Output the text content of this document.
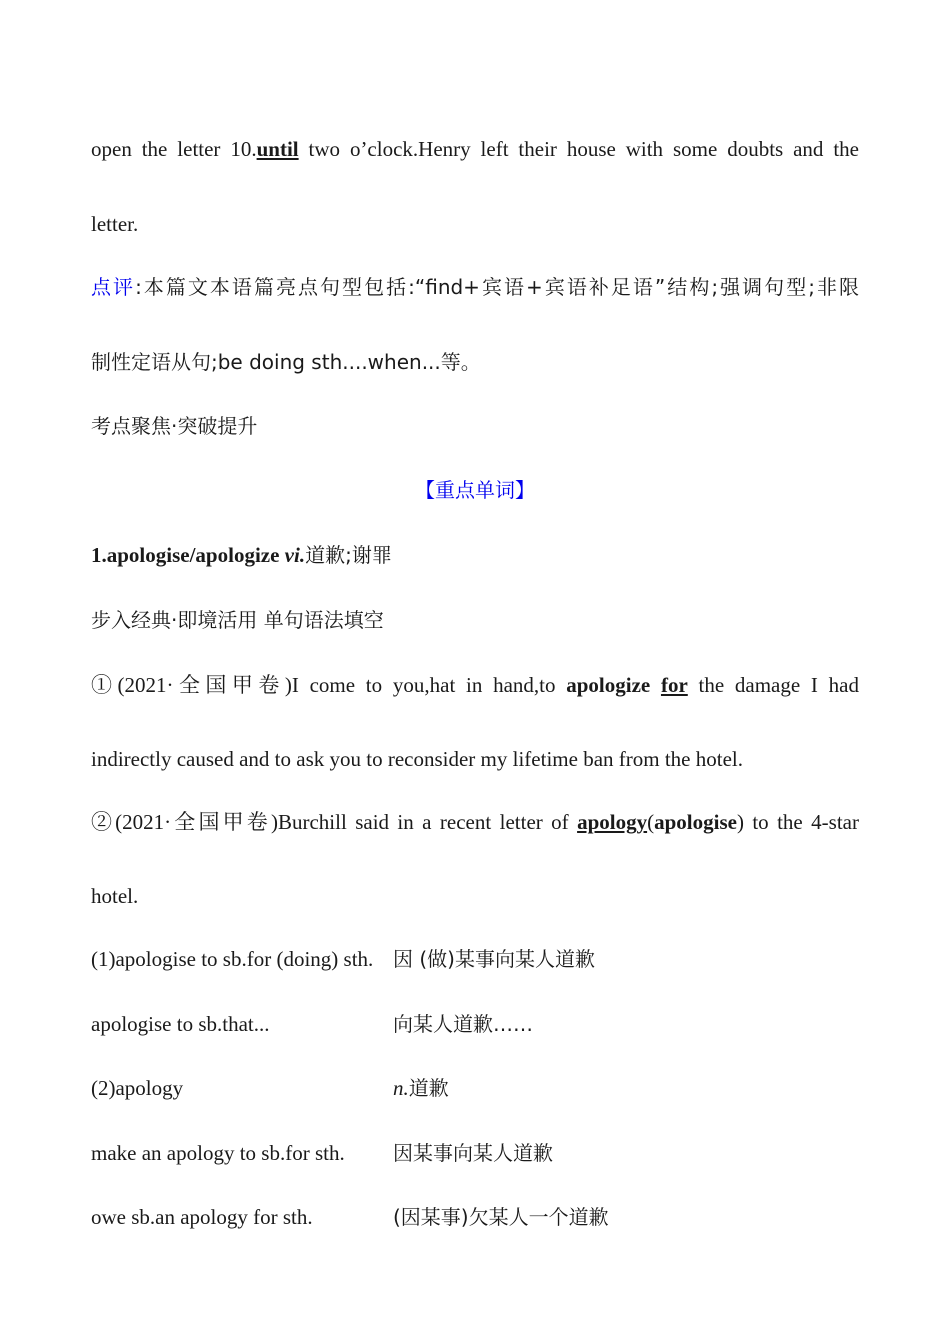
open the letter 10.until two o’clock.Henry left their house with some doubts and the
letter.
点评:本篇文本语篇亮点句型包括:“find+宾语+宾语补足语”结构;强调句型;非限
制性定语从句;be doing sth....when...等。
考点聚焦·突破提升
【重点单词】
1.apologise/apologize vi.道歉;谢罪
步入经典·即境活用 单句语法填空
①(2021·全国甲卷)I come to you,hat in hand,to apologize for the damage I had
indirectly caused and to ask you to reconsider my lifetime ban from the hotel.
②(2021·全国甲卷)Burchill said in a recent letter of apology(apologise) to the 4-star
hotel.
(1)apologise to sb.for (doing) sth. 因 (做)某事向某人道歉
apologise to sb.that...	向某人道歉……
(2)apology	n.道歉
make an apology to sb.for sth. 因某事向某人道歉
owe sb.an apology for sth.	(因某事)欠某人一个道歉
